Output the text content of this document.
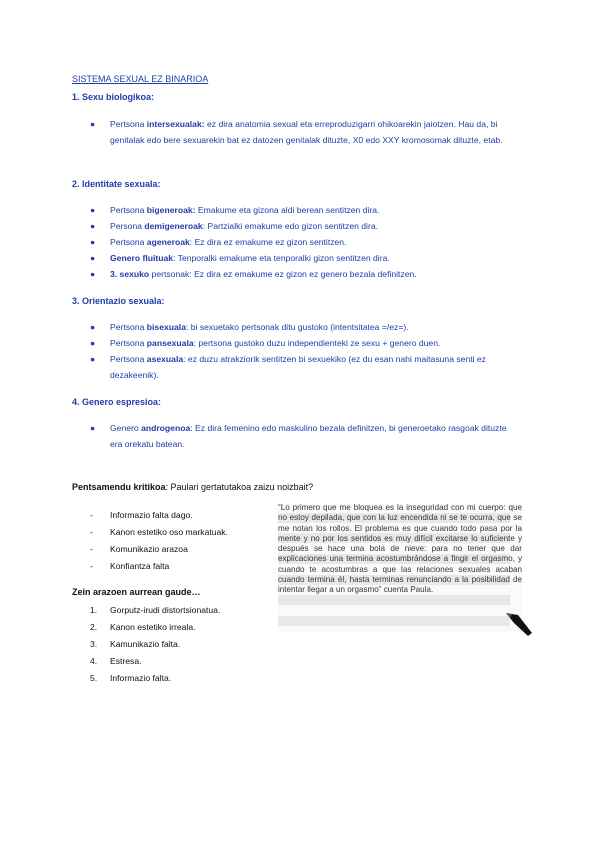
SISTEMA SEXUAL EZ BINARIOA
1. Sexu biologikoa:
● Pertsona intersexualak: ez dira anatomia sexual eta erreproduzigarri ohikoarekin jaiotzen. Hau da, bi genitalak edo bere sexuarekin bat ez datozen genitalak dituzte, X0 edo XXY kromosomak dituzte, etab.
2. Identitate sexuala:
● Pertsona bigeneroak: Emakume eta gizona aldi berean sentitzen dira.
● Persona demigeneroak: Partzialki emakume edo gizon sentitzen dira.
● Pertsona ageneroak: Ez dira ez emakume ez gizon sentitzen.
● Genero fluituak: Tenporalki emakume eta tenporalki gizon sentitzen dira.
● 3. sexuko pertsonak: Ez dira ez emakume ez gizon ez genero bezala definitzen.
3. Orientazio sexuala:
● Pertsona bisexuala: bi sexuetako pertsonak ditu gustoko (intentsitatea =/ez=).
● Pertsona pansexuala: pertsona gustoko duzu independienteki ze sexu + genero duen.
● Pertsona asexuala: ez duzu atrakziorik sentitzen bi sexuekiko (ez du esan nahi maitasuna senti ez dezakeenik).
4. Genero espresioa:
● Genero androgenoa: Ez dira femenino edo maskulino bezala definitzen, bi generoetako rasgoak dituzte era orekatu batean.
Pentsamendu kritikoa: Paulari gertatutakoa zaizu noizbait?
- Informazio falta dago.
- Kanon estetiko oso markatuak.
- Komunikazio arazoa
- Konfiantza falta
Zein arazoen aurrean gaude…
1. Gorputz-irudi distortsionatua.
2. Kanon estetiko irreala.
3. Kamunikazio falta.
4. Estresa.
5. Informazio falta.
“Lo primero que me bloquea es la inseguridad con mi cuerpo: que no estoy depilada, que con la luz encendida ni se te ocurra, que se me notan los rollos. El problema es que cuando todo pasa por la mente y no por los sentidos es muy difícil excitarse lo suficiente y después se hace una bola de nieve: para no tener que dar explicaciones una termina acostumbrándose a fingir el orgasmo, y cuando te acostumbras a que las relaciones sexuales acaban cuando termina él, hasta terminas renunciando a la posibilidad de intentar llegar a un orgasmo” cuenta Paula.
